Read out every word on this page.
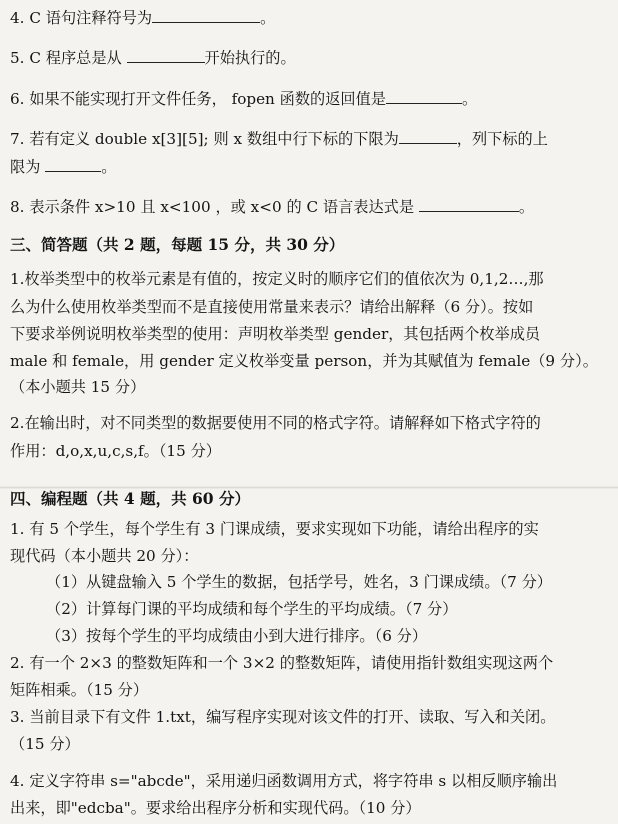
4. C 语句注释符号为	。
5. C 程序总是从	开始执行的。
6. 如果不能实现打开文件任务， fopen 函数的返回值是	。
7. 若有定义 double x[3][5]; 则 x 数组中行下标的下限为	，列下标的上
限为	。
8. 表示条件 x>10 且 x<100 ，或 x<0 的 C 语言表达式是	。
三、简答题（共 2 题，每题 15 分，共 30 分）
1.枚举类型中的枚举元素是有值的，按定义时的顺序它们的值依次为 0,1,2…,那
么为什么使用枚举类型而不是直接使用常量来表示？请给出解释（6 分）。按如
下要求举例说明枚举类型的使用：声明枚举类型 gender，其包括两个枚举成员
male 和 female，用 gender 定义枚举变量 person，并为其赋值为 female（9 分）。
（本小题共 15 分）
2.在输出时，对不同类型的数据要使用不同的格式字符。请解释如下格式字符的
作用：d,o,x,u,c,s,f。（15 分）
四、编程题（共 4 题，共 60 分）
1. 有 5 个学生，每个学生有 3 门课成绩，要求实现如下功能，请给出程序的实
现代码（本小题共 20 分）：
（1）从键盘输入 5 个学生的数据，包括学号，姓名，3 门课成绩。（7 分）
（2）计算每门课的平均成绩和每个学生的平均成绩。（7 分）
（3）按每个学生的平均成绩由小到大进行排序。（6 分）
2. 有一个 2×3 的整数矩阵和一个 3×2 的整数矩阵，请使用指针数组实现这两个
矩阵相乘。（15 分）
3. 当前目录下有文件 1.txt，编写程序实现对该文件的打开、读取、写入和关闭。
（15 分）
4. 定义字符串 s="abcde"，采用递归函数调用方式，将字符串 s 以相反顺序输出
出来，即"edcba"。要求给出程序分析和实现代码。（10 分）
